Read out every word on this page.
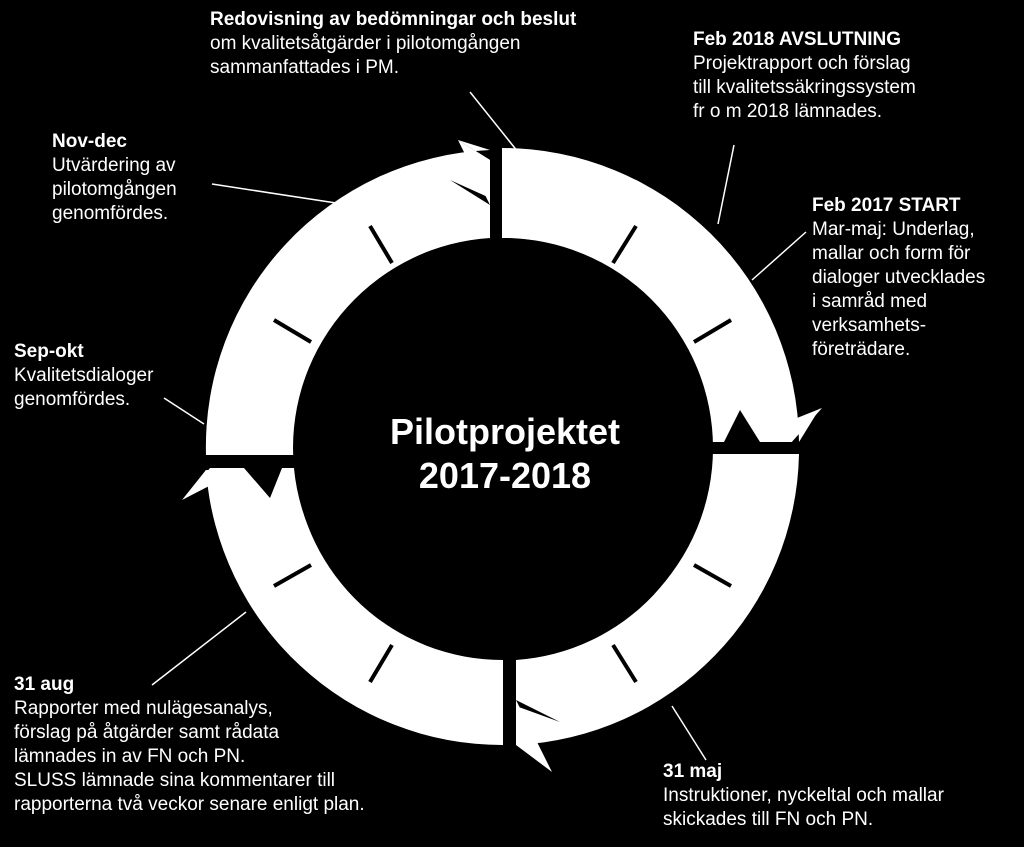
Pilotprojektet
2017-2018
Redovisning av bedömningar och beslut
om kvalitetsåtgärder i pilotomgången
sammanfattades i PM.
Feb 2018 AVSLUTNING
Projektrapport och förslag
till kvalitetssäkringssystem
fr o m 2018 lämnades.
Feb 2017 START
Mar-maj: Underlag,
mallar och form för
dialoger utvecklades
i samråd med
verksamhets-
företrädare.
Nov-dec
Utvärdering av
pilotomgången
genomfördes.
Sep-okt
Kvalitetsdialoger
genomfördes.
31 aug
Rapporter med nulägesanalys,
förslag på åtgärder samt rådata
lämnades in av FN och PN.
SLUSS lämnade sina kommentarer till
rapporterna två veckor senare enligt plan.
31 maj
Instruktioner, nyckeltal och mallar
skickades till FN och PN.
